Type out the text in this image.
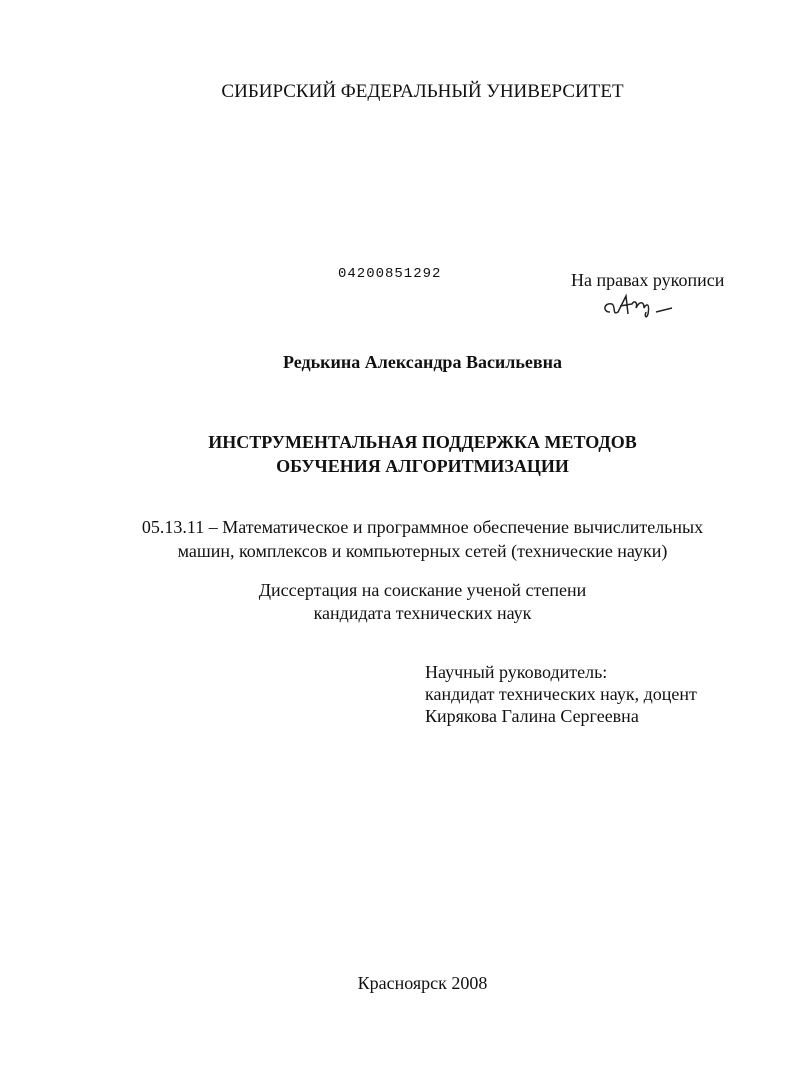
СИБИРСКИЙ ФЕДЕРАЛЬНЫЙ УНИВЕРСИТЕТ
04200851292	На правах рукописи
Редькина Александра Васильевна
ИНСТРУМЕНТАЛЬНАЯ ПОДДЕРЖКА МЕТОДОВ
ОБУЧЕНИЯ АЛГОРИТМИЗАЦИИ
05.13.11 – Математическое и программное обеспечение вычислительных
машин, комплексов и компьютерных сетей (технические науки)
Диссертация на соискание ученой степени
кандидата технических наук
Научный руководитель:
кандидат технических наук, доцент
Кирякова Галина Сергеевна
Красноярск 2008
